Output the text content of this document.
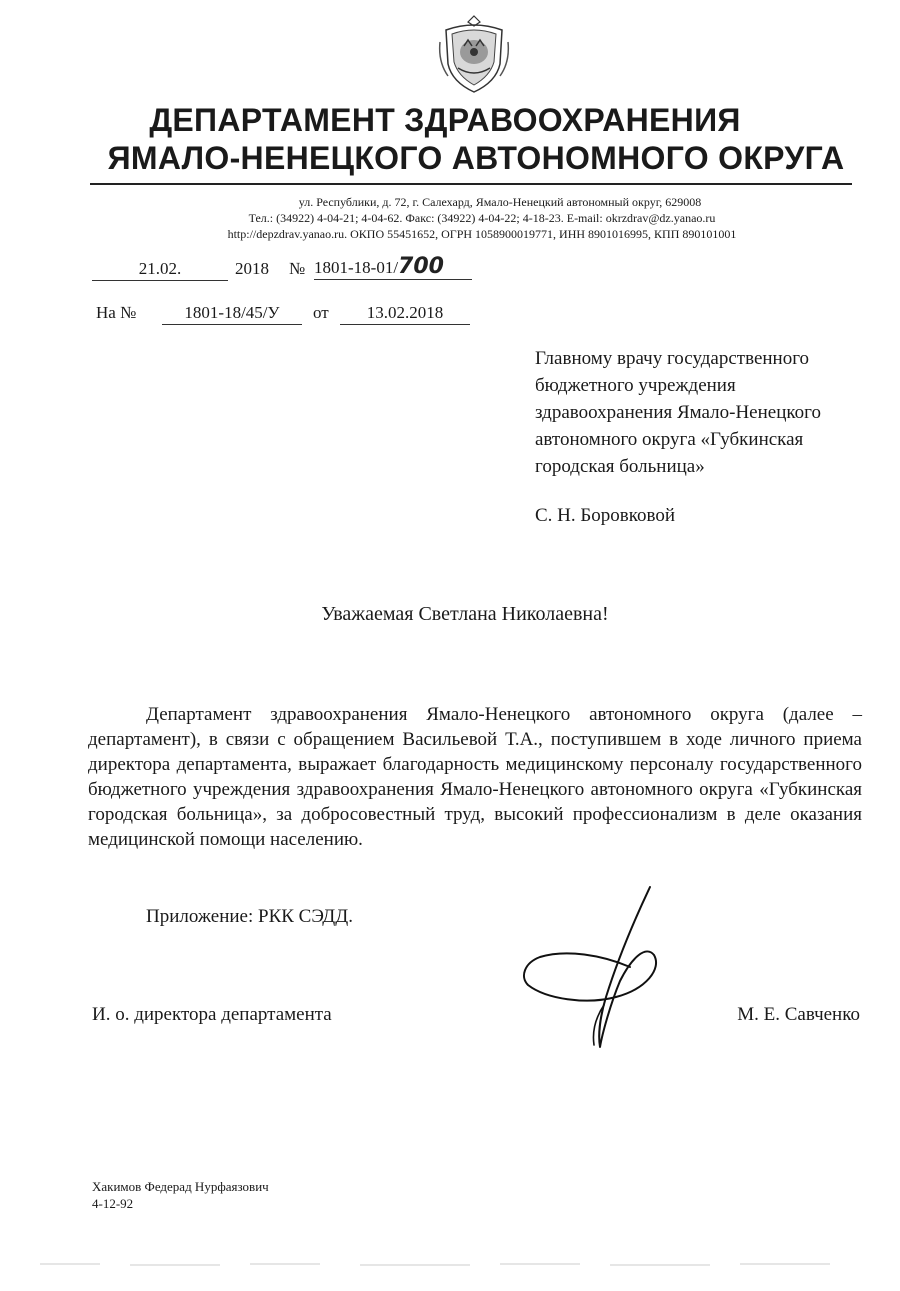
ДЕПАРТАМЕНТ ЗДРАВООХРАНЕНИЯ
ЯМАЛО-НЕНЕЦКОГО АВТОНОМНОГО ОКРУГА
ул. Республики, д. 72, г. Салехард, Ямало-Ненецкий автономный округ, 629008
Тел.: (34922) 4-04-21; 4-04-62. Факс: (34922) 4-04-22; 4-18-23. E-mail: okrzdrav@dz.yanao.ru
http://depzdrav.yanao.ru. ОКПО 55451652, ОГРН 1058900019771, ИНН 8901016995, КПП 890101001
21.02.	2018 № 1801-18-01/700
На №	1801-18/45/У	от	13.02.2018
Главному врачу государственного бюджетного учреждения здравоохранения Ямало-Ненецкого автономного округа «Губкинская городская больница»
С. Н. Боровковой
Уважаемая Светлана Николаевна!
Департамент здравоохранения Ямало-Ненецкого автономного округа (далее – департамент), в связи с обращением Васильевой Т.А., поступившем в ходе личного приема директора департамента, выражает благодарность медицинскому персоналу государственного бюджетного учреждения здравоохранения Ямало-Ненецкого автономного округа «Губкинская городская больница», за добросовестный труд, высокий профессионализм в деле оказания медицинской помощи населению.
Приложение: РКК СЭДД.
И. о. директора департамента	М. Е. Савченко
Хакимов Федерад Нурфаязович
4-12-92
